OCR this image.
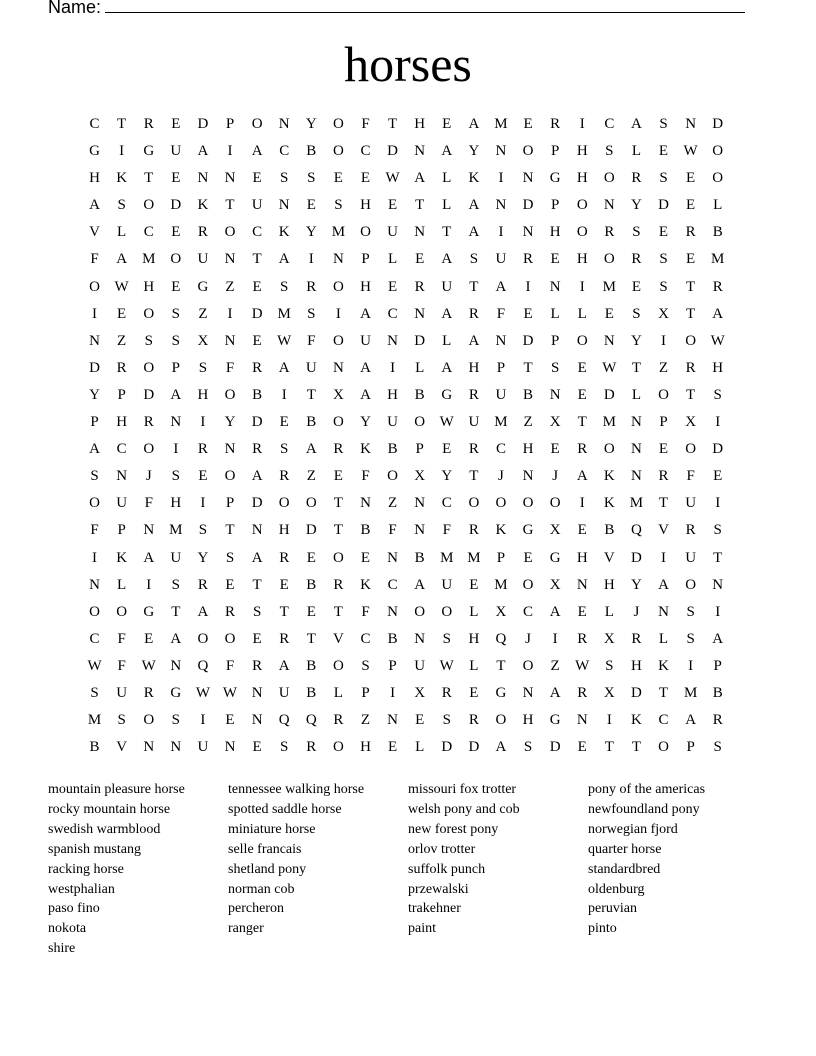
Name:
horses
C	T	R	E	D	P	O	N	Y	O	F	T	H	E	A	M	E	R	I	C	A	S	N	D
G	I	G	U	A	I	A	C	B	O	C	D	N	A	Y	N	O	P	H	S	L	E	W O
H	K	T	E	N	N	E	S	S	E	E	W A	L	K	I	N	G	H	O	R	S	E	O
A	S	O	D	K	T	U	N	E	S	H	E	T	L	A	N	D	P	O	N	Y	D	E	L
V	L	C	E	R	O	C	K	Y	M	O	U	N	T	A	I	N	H	O	R	S	E	R	B
F	A	M	O	U	N	T	A	I	N	P	L	E	A	S	U	R	E	H	O	R	S	E	M
O W H	E	G	Z	E	S	R	O	H	E	R	U	T	A	I	N	I	M	E	S	T	R
I	E	O	S	Z	I	D	M	S	I	A	C	N	A	R	F	E	L	L	E	S	X	T	A
N	Z	S	S	X	N	E	W	F	O	U	N	D	L	A	N	D	P	O	N	Y	I	O W
D	R	O	P	S	F	R	A	U	N	A	I	L	A	H	P	T	S	E	W	T	Z	R	H
Y	P	D	A	H	O	B	I	T	X	A	H	B	G	R	U	B	N	E	D	L	O	T	S
P	H	R	N	I	Y	D	E	B	O	Y	U	O W U	M	Z	X	T	M	N	P	X	I
A	C	O	I	R	N	R	S	A	R	K	B	P	E	R	C	H	E	R	O	N	E	O	D
S	N	J	S	E	O	A	R	Z	E	F	O	X	Y	T	J	N	J	A	K	N	R	F	E
O	U	F	H	I	P	D	O	O	T	N	Z	N	C	O	O	O	O	I	K	M	T	U	I
F	P	N	M	S	T	N	H	D	T	B	F	N	F	R	K	G	X	E	B	Q	V	R	S
I	K	A	U	Y	S	A	R	E	O	E	N	B	M M	P	E	G	H	V	D	I	U	T
N	L	I	S	R	E	T	E	B	R	K	C	A	U	E	M	O	X	N	H	Y	A	O	N
O	O	G	T	A	R	S	T	E	T	F	N	O	O	L	X	C	A	E	L	J	N	S	I
C	F	E	A	O	O	E	R	T	V	C	B	N	S	H	Q	J	I	R	X	R	L	S	A
W	F	W N	Q	F	R	A	B	O	S	P	U W	L	T	O	Z	W	S	H	K	I	P
S	U	R	G W W N	U	B	L	P	I	X	R	E	G	N	A	R	X	D	T	M	B
M	S	O	S	I	E	N	Q	Q	R	Z	N	E	S	R	O	H	G	N	I	K	C	A	R
B	V	N	N	U	N	E	S	R	O	H	E	L	D	D	A	S	D	E	T	T	O	P	S
mountain pleasure horse
rocky mountain horse
swedish warmblood
spanish mustang
racking horse
westphalian
paso fino
nokota
shire
tennessee walking horse
spotted saddle horse
miniature horse
selle francais
shetland pony
norman cob
percheron
ranger
missouri fox trotter
welsh pony and cob
new forest pony
orlov trotter
suffolk punch
przewalski
trakehner
paint
pony of the americas
newfoundland pony
norwegian fjord
quarter horse
standardbred
oldenburg
peruvian
pinto
